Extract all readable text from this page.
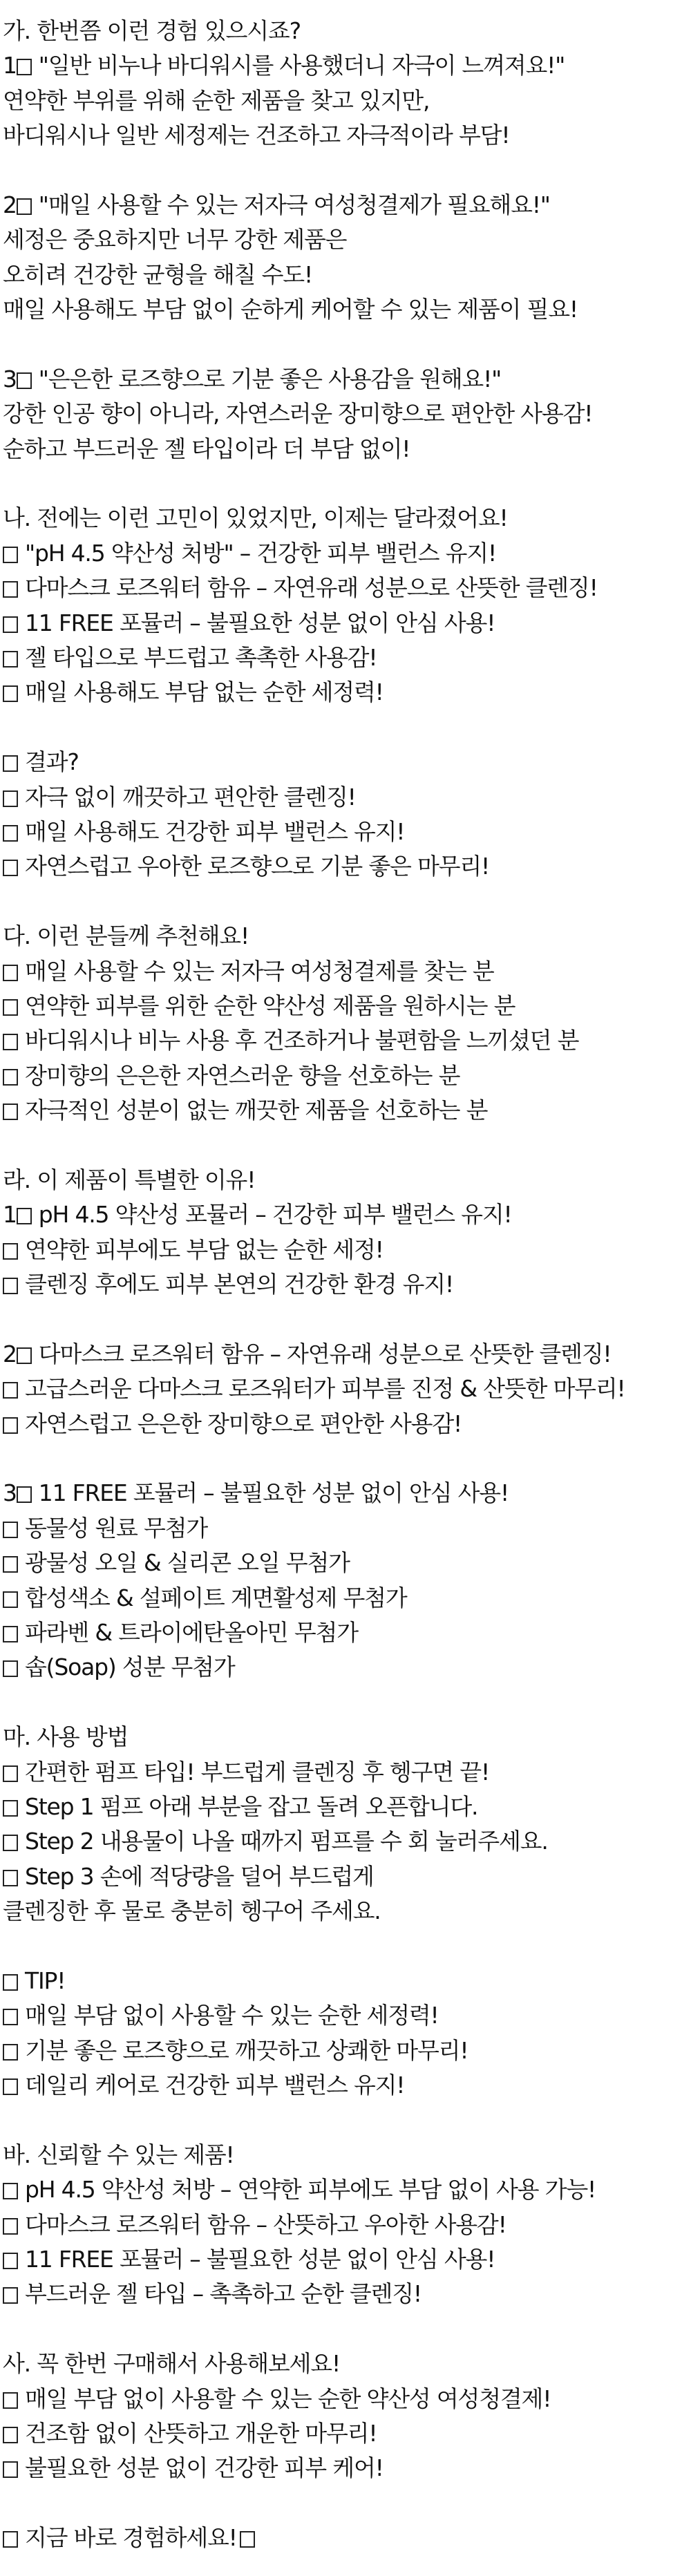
가. 한번쯤 이런 경험 있으시죠?
1 "일반 비누나 바디워시를 사용했더니 자극이 느껴져요!"
연약한 부위를 위해 순한 제품을 찾고 있지만,
바디워시나 일반 세정제는 건조하고 자극적이라 부담!
2 "매일 사용할 수 있는 저자극 여성청결제가 필요해요!"
세정은 중요하지만 너무 강한 제품은
오히려 건강한 균형을 해칠 수도!
매일 사용해도 부담 없이 순하게 케어할 수 있는 제품이 필요!
3 "은은한 로즈향으로 기분 좋은 사용감을 원해요!"
강한 인공 향이 아니라, 자연스러운 장미향으로 편안한 사용감!
순하고 부드러운 젤 타입이라 더 부담 없이!
나. 전에는 이런 고민이 있었지만, 이제는 달라졌어요!
"pH 4.5 약산성 처방" – 건강한 피부 밸런스 유지!
다마스크 로즈워터 함유 – 자연유래 성분으로 산뜻한 클렌징!
11 FREE 포뮬러 – 불필요한 성분 없이 안심 사용!
젤 타입으로 부드럽고 촉촉한 사용감!
매일 사용해도 부담 없는 순한 세정력!
결과?
자극 없이 깨끗하고 편안한 클렌징!
매일 사용해도 건강한 피부 밸런스 유지!
자연스럽고 우아한 로즈향으로 기분 좋은 마무리!
다. 이런 분들께 추천해요!
매일 사용할 수 있는 저자극 여성청결제를 찾는 분
연약한 피부를 위한 순한 약산성 제품을 원하시는 분
바디워시나 비누 사용 후 건조하거나 불편함을 느끼셨던 분
장미향의 은은한 자연스러운 향을 선호하는 분
자극적인 성분이 없는 깨끗한 제품을 선호하는 분
라. 이 제품이 특별한 이유!
1 pH 4.5 약산성 포뮬러 – 건강한 피부 밸런스 유지!
연약한 피부에도 부담 없는 순한 세정!
클렌징 후에도 피부 본연의 건강한 환경 유지!
2 다마스크 로즈워터 함유 – 자연유래 성분으로 산뜻한 클렌징!
고급스러운 다마스크 로즈워터가 피부를 진정 & 산뜻한 마무리!
자연스럽고 은은한 장미향으로 편안한 사용감!
3 11 FREE 포뮬러 – 불필요한 성분 없이 안심 사용!
동물성 원료 무첨가
광물성 오일 & 실리콘 오일 무첨가
합성색소 & 설페이트 계면활성제 무첨가
파라벤 & 트라이에탄올아민 무첨가
솝(Soap) 성분 무첨가
마. 사용 방법
간편한 펌프 타입! 부드럽게 클렌징 후 헹구면 끝!
Step 1 펌프 아래 부분을 잡고 돌려 오픈합니다.
Step 2 내용물이 나올 때까지 펌프를 수 회 눌러주세요.
Step 3 손에 적당량을 덜어 부드럽게
클렌징한 후 물로 충분히 헹구어 주세요.
TIP!
매일 부담 없이 사용할 수 있는 순한 세정력!
기분 좋은 로즈향으로 깨끗하고 상쾌한 마무리!
데일리 케어로 건강한 피부 밸런스 유지!
바. 신뢰할 수 있는 제품!
pH 4.5 약산성 처방 – 연약한 피부에도 부담 없이 사용 가능!
다마스크 로즈워터 함유 – 산뜻하고 우아한 사용감!
11 FREE 포뮬러 – 불필요한 성분 없이 안심 사용!
부드러운 젤 타입 – 촉촉하고 순한 클렌징!
사. 꼭 한번 구매해서 사용해보세요!
매일 부담 없이 사용할 수 있는 순한 약산성 여성청결제!
건조함 없이 산뜻하고 개운한 마무리!
불필요한 성분 없이 건강한 피부 케어!
지금 바로 경험하세요!
